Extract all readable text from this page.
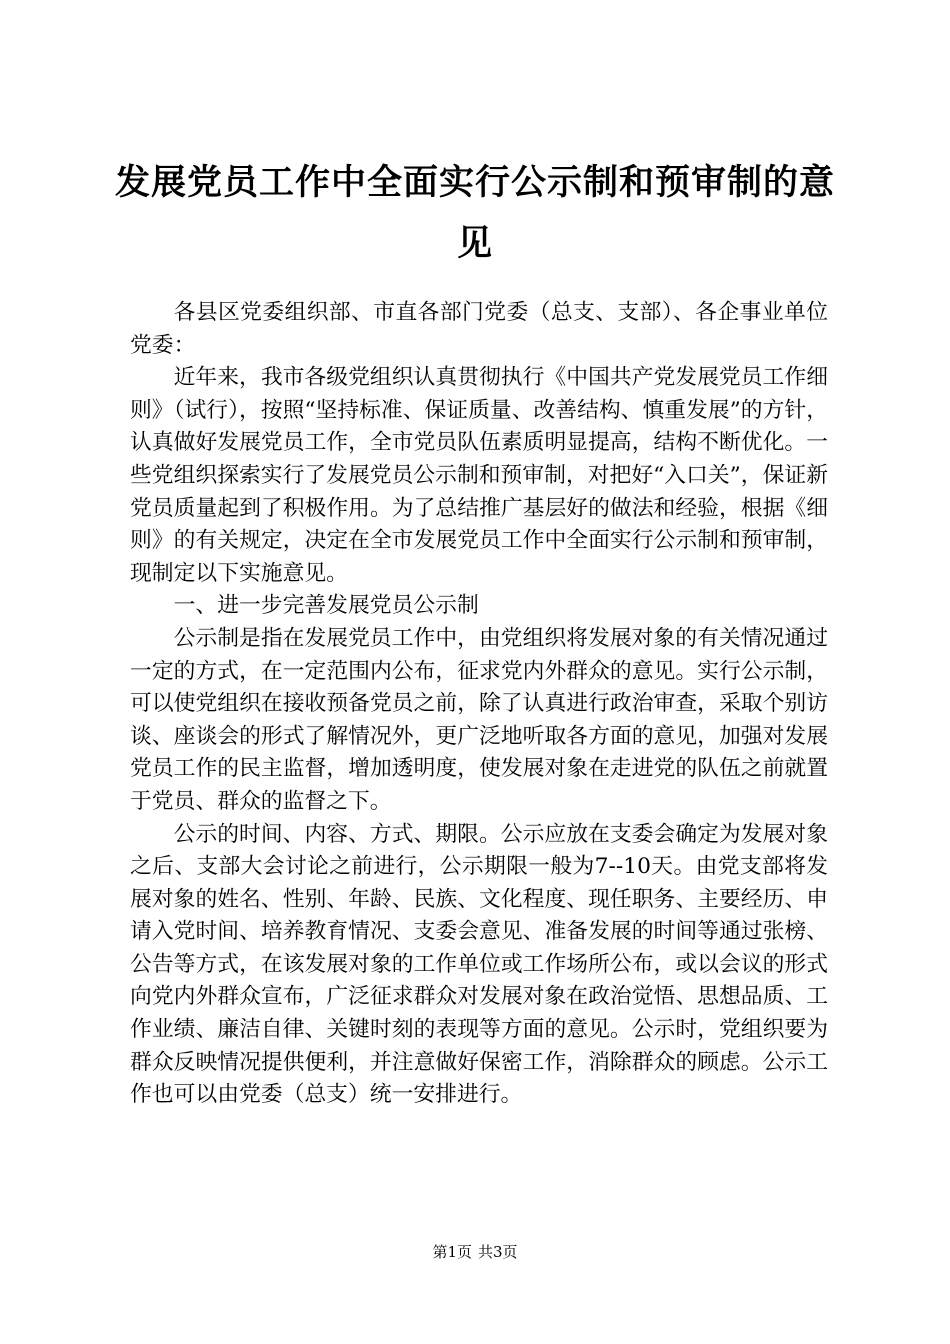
发展党员工作中全面实行公示制和预审制的意见

各县区党委组织部、市直各部门党委（总支、支部）、各企事业单位党委：

近年来，我市各级党组织认真贯彻执行《中国共产党发展党员工作细则》（试行），按照“坚持标准、保证质量、改善结构、慎重发展”的方针，认真做好发展党员工作，全市党员队伍素质明显提高，结构不断优化。一些党组织探索实行了发展党员公示制和预审制，对把好“入口关”，保证新党员质量起到了积极作用。为了总结推广基层好的做法和经验，根据《细则》的有关规定，决定在全市发展党员工作中全面实行公示制和预审制，现制定以下实施意见。

一、进一步完善发展党员公示制

公示制是指在发展党员工作中，由党组织将发展对象的有关情况通过一定的方式，在一定范围内公布，征求党内外群众的意见。实行公示制，可以使党组织在接收预备党员之前，除了认真进行政治审查，采取个别访谈、座谈会的形式了解情况外，更广泛地听取各方面的意见，加强对发展党员工作的民主监督，增加透明度，使发展对象在走进党的队伍之前就置于党员、群众的监督之下。

公示的时间、内容、方式、期限。公示应放在支委会确定为发展对象之后、支部大会讨论之前进行，公示期限一般为7--10天。由党支部将发展对象的姓名、性别、年龄、民族、文化程度、现任职务、主要经历、申请入党时间、培养教育情况、支委会意见、准备发展的时间等通过张榜、公告等方式，在该发展对象的工作单位或工作场所公布，或以会议的形式向党内外群众宣布，广泛征求群众对发展对象在政治觉悟、思想品质、工作业绩、廉洁自律、关键时刻的表现等方面的意见。公示时，党组织要为群众反映情况提供便利，并注意做好保密工作，消除群众的顾虑。公示工作也可以由党委（总支）统一安排进行。

第1页 共3页
